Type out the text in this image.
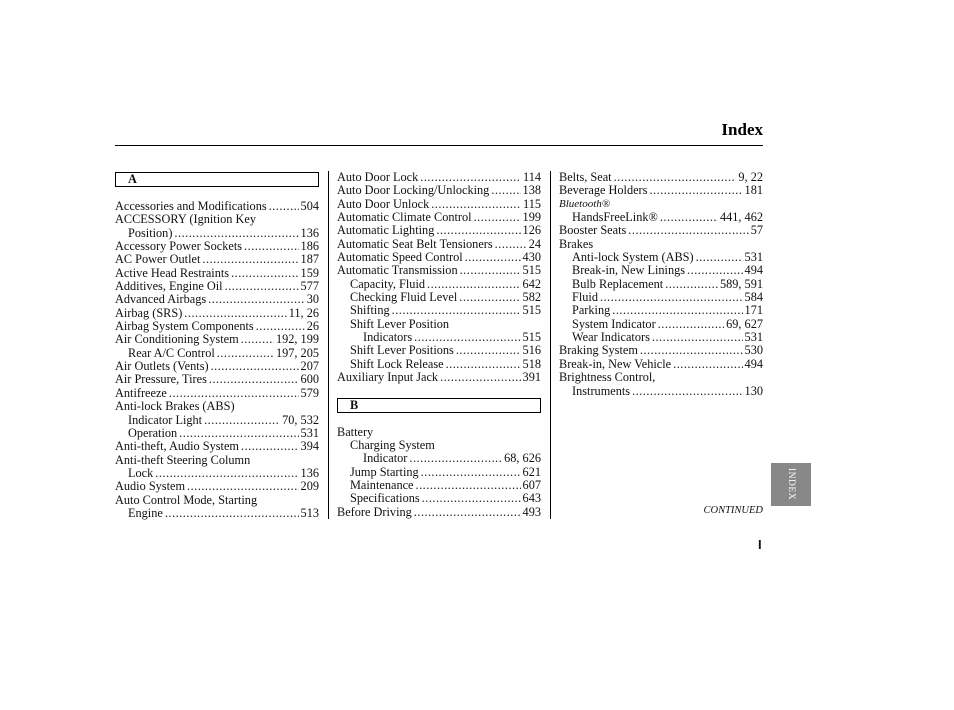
Index
A
Accessories and Modifications .....	504
ACCESSORY (Ignition Key
Position) .....	136
Accessory Power Sockets .....	186
AC Power Outlet .....	187
Active Head Restraints .....	159
Additives, Engine Oil .....	577
Advanced Airbags .....	30
Airbag (SRS) .....	11, 26
Airbag System Components .....	26
Air Conditioning System .....	192, 199
Rear A/C Control .....	197, 205
Air Outlets (Vents) .....	207
Air Pressure, Tires .....	600
Antifreeze .....	579
Anti-lock Brakes (ABS)
Indicator Light .....	70, 532
Operation .....	531
Anti-theft, Audio System .....	394
Anti-theft Steering Column
Lock .....	136
Audio System .....	209
Auto Control Mode, Starting
Engine .....	513
Auto Door Lock .....	114
Auto Door Locking/Unlocking .....	138
Auto Door Unlock .....	115
Automatic Climate Control .....	199
Automatic Lighting .....	126
Automatic Seat Belt Tensioners .....	24
Automatic Speed Control .....	430
Automatic Transmission .....	515
Capacity, Fluid .....	642
Checking Fluid Level .....	582
Shifting .....	515
Shift Lever Position
Indicators .....	515
Shift Lever Positions .....	516
Shift Lock Release .....	518
Auxiliary Input Jack .....	391
B
Battery
Charging System
Indicator .....	68, 626
Jump Starting .....	621
Maintenance .....	607
Specifications .....	643
Before Driving .....	493
Belts, Seat .....	9, 22
Beverage Holders .....	181
Bluetooth®
HandsFreeLink® .....	441, 462
Booster Seats .....	57
Brakes
Anti-lock System (ABS) .....	531
Break-in, New Linings .....	494
Bulb Replacement .....	589, 591
Fluid .....	584
Parking .....	171
System Indicator .....	69, 627
Wear Indicators .....	531
Braking System .....	530
Break-in, New Vehicle .....	494
Brightness Control,
Instruments .....	130
CONTINUED
I
INDEX
